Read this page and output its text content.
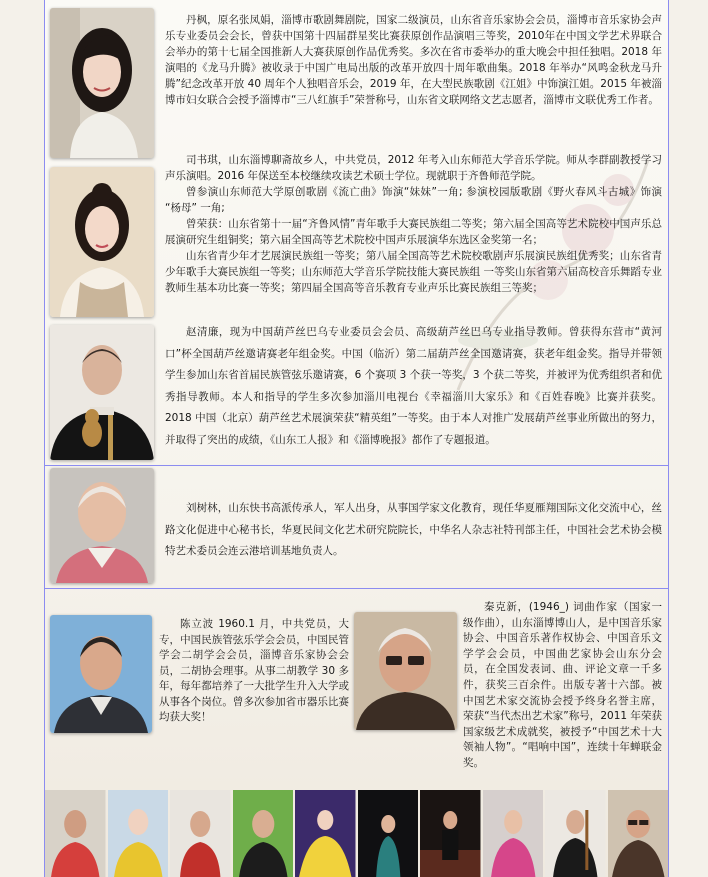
丹枫，原名张凤娟，淄博市歌剧舞剧院，国家二级演员，山东省音乐家协会会员，淄博市音乐家协会声乐专业委员会会长，曾获中国第十四届群星奖比赛获原创作品演唱三等奖，2010年在中国文学艺术界联合会举办的第十七届全国推新人大赛获原创作品优秀奖。多次在省市委举办的重大晚会中担任独唱。2018 年演唱的《龙马升腾》被收录于中国广电局出版的改革开放四十周年歌曲集。2018 年举办“风鸣金秋龙马升腾”纪念改革开放 40 周年个人独唱音乐会，2019 年，在大型民族歌剧《江姐》中饰演江姐。2015 年被淄博市妇女联合会授予淄博市“三八红旗手”荣誉称号，山东省文联网络文艺志愿者，淄博市文联优秀工作者。

司书琪，山东淄博聊斋故乡人，中共党员，2012 年考入山东师范大学音乐学院。师从李群副教授学习声乐演唱。2016 年保送至本校继续攻读艺术硕士学位。现就职于齐鲁师范学院。

曾参演山东师范大学原创歌剧《流亡曲》饰演“妹妹”一角; 参演校园版歌剧《野火春风斗古城》饰演 “杨母” 一角;

曾荣获：山东省第十一届“齐鲁风情”青年歌手大赛民族组二等奖；第六届全国高等艺术院校中国声乐总展演研究生组铜奖；第六届全国高等艺术院校中国声乐展演华东选区金奖第一名；

山东省青少年才艺展演民族组一等奖；第八届全国高等艺术院校歌剧声乐展演民族组优秀奖；山东省青少年歌手大赛民族组一等奖；山东师范大学音乐学院技能大赛民族组 一等奖山东省第六届高校音乐舞蹈专业教师生基本功比赛一等奖；第四届全国高等音乐教育专业声乐比赛民族组三等奖；

赵清廉，现为中国葫芦丝巴乌专业委员会会员、高级葫芦丝巴乌专业指导教师。曾获得东营市“黄河口”杯全国葫芦丝邀请赛老年组金奖。中国（临沂）第二届葫芦丝全国邀请赛，获老年组金奖。指导并带领学生参加山东省首届民族管弦乐邀请赛，6 个赛项 3 个获一等奖，3 个获二等奖，并被评为优秀组织者和优秀指导教师。本人和指导的学生多次参加淄川电视台《幸福淄川大家乐》和《百姓春晚》比赛并获奖。2018 中国（北京）葫芦丝艺术展演荣获“精英组”一等奖。由于本人对推广发展葫芦丝事业所做出的努力，并取得了突出的成绩，《山东工人报》和《淄博晚报》都作了专题报道。

刘树林，山东快书高派传承人，军人出身，从事国学家文化教育，现任华夏雁翔国际文化交流中心，丝路文化促进中心秘书长，华夏民间文化艺术研究院院长，中华名人杂志社特刊部主任，中国社会艺术协会模特艺术委员会连云港培训基地负责人。

陈立波 1960.1 月，中共党员，大专，中国民族管弦乐学会会员，中国民管学会二胡学会会员，淄博音乐家协会会员，二胡协会理事。从事二胡教学 30 多年，每年都培养了一大批学生升入大学或从事各个岗位。曾多次参加省市器乐比赛均获大奖！

秦克新，(1946_) 词曲作家（国家一级作曲），山东淄博博山人，是中国音乐家协会、中国音乐著作权协会、中国音乐文学学会会员，中国曲艺家协会山东分会员，在全国发表词、曲、评论文章一千多件，获奖三百余件。出版专著十六部。被中国艺术家交流协会授予终身名誉主席，荣获“当代杰出艺术家”称号，2011 年荣获国家级艺术成就奖，被授予“中国艺术十大领袖人物”。“唱响中国”，连续十年蝉联金奖。
